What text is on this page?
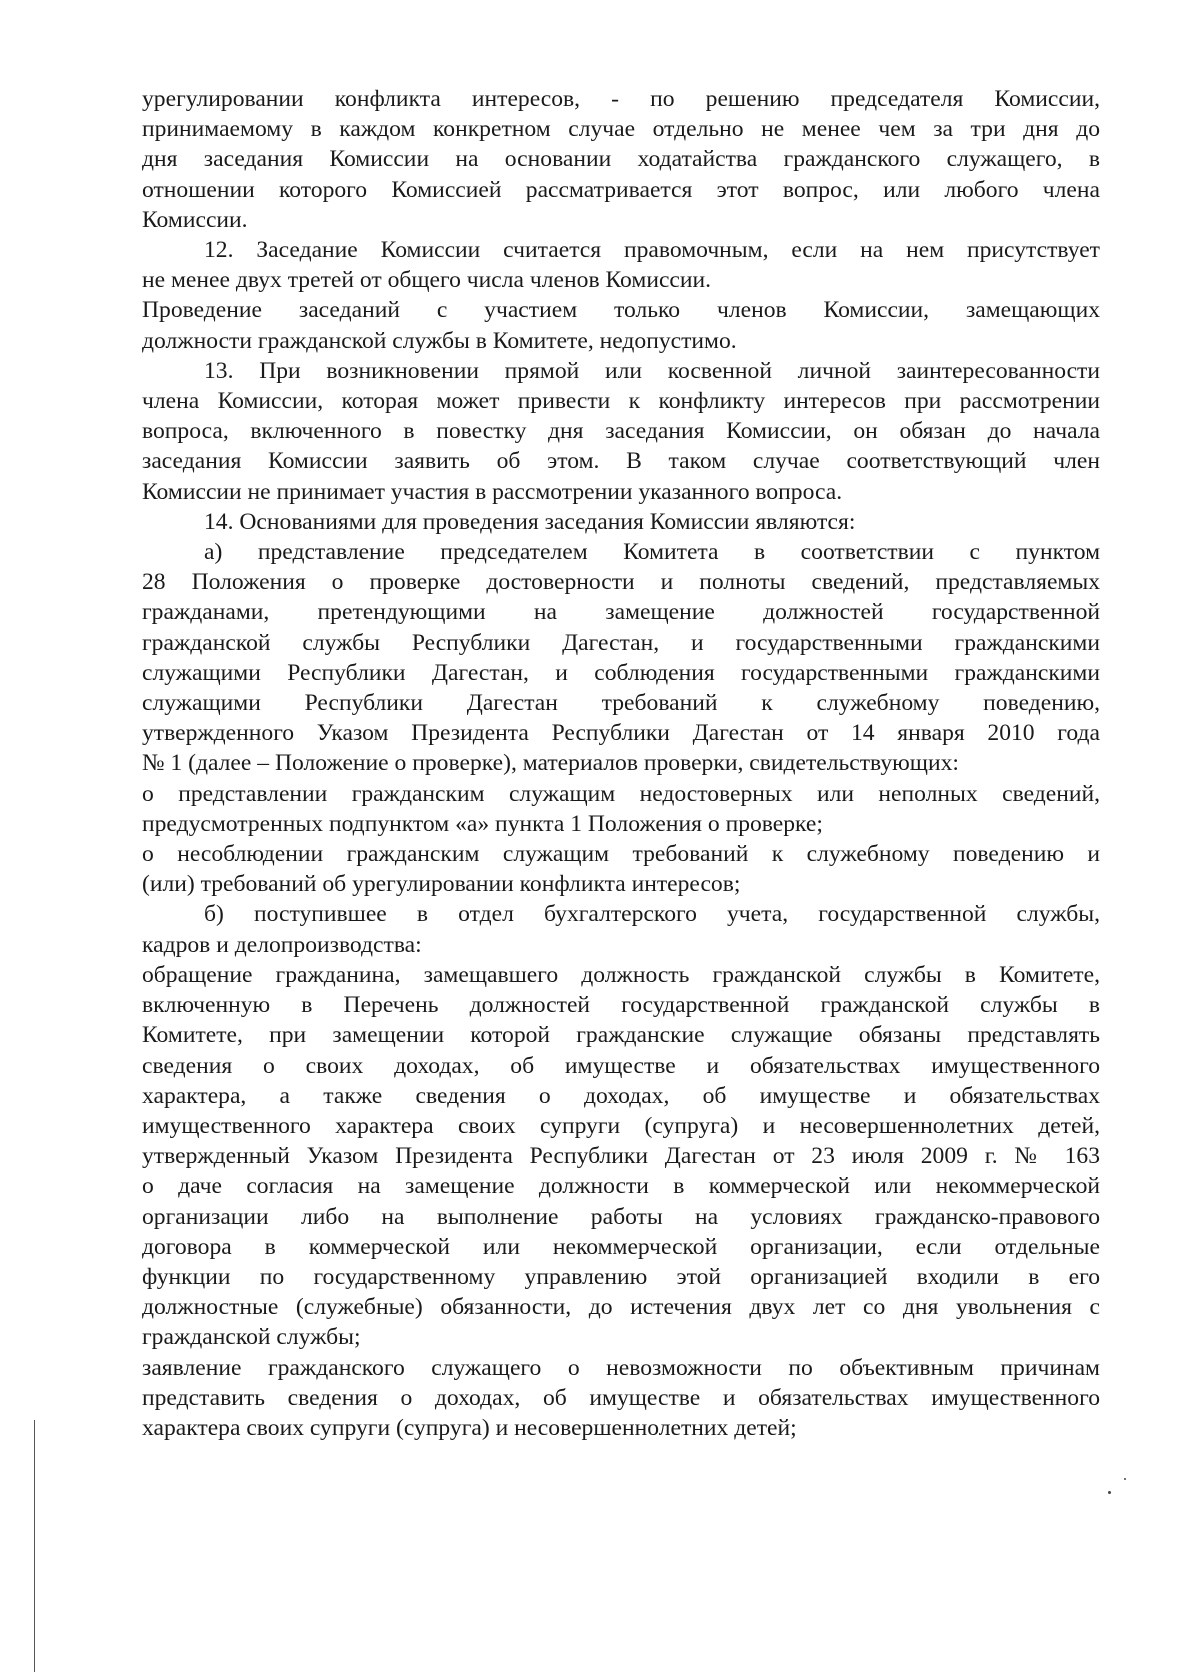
урегулировании конфликта интересов, - по решению председателя Комиссии,
принимаемому в каждом конкретном случае отдельно не менее чем за три дня до
дня заседания Комиссии на основании ходатайства гражданского служащего, в
отношении которого Комиссией рассматривается этот вопрос, или любого члена
Комиссии.
12. Заседание Комиссии считается правомочным, если на нем присутствует
не менее двух третей от общего числа членов Комиссии.
Проведение заседаний с участием только членов Комиссии, замещающих
должности гражданской службы в Комитете, недопустимо.
13. При возникновении прямой или косвенной личной заинтересованности
члена Комиссии, которая может привести к конфликту интересов при рассмотрении
вопроса, включенного в повестку дня заседания Комиссии, он обязан до начала
заседания Комиссии заявить об этом. В таком случае соответствующий член
Комиссии не принимает участия в рассмотрении указанного вопроса.
14. Основаниями для проведения заседания Комиссии являются:
а) представление председателем Комитета в соответствии с пунктом
28 Положения о проверке достоверности и полноты сведений, представляемых
гражданами, претендующими на замещение должностей государственной
гражданской службы Республики Дагестан, и государственными гражданскими
служащими Республики Дагестан, и соблюдения государственными гражданскими
служащими Республики Дагестан требований к служебному поведению,
утвержденного Указом Президента Республики Дагестан от 14 января 2010 года
№ 1 (далее – Положение о проверке), материалов проверки, свидетельствующих:
о представлении гражданским служащим недостоверных или неполных сведений,
предусмотренных подпунктом «а» пункта 1 Положения о проверке;
о несоблюдении гражданским служащим требований к служебному поведению и
(или) требований об урегулировании конфликта интересов;
б) поступившее в отдел бухгалтерского учета, государственной службы,
кадров и делопроизводства:
обращение гражданина, замещавшего должность гражданской службы в Комитете,
включенную в Перечень должностей государственной гражданской службы в
Комитете, при замещении которой гражданские служащие обязаны представлять
сведения о своих доходах, об имуществе и обязательствах имущественного
характера, а также сведения о доходах, об имуществе и обязательствах
имущественного характера своих супруги (супруга) и несовершеннолетних детей,
утвержденный Указом Президента Республики Дагестан от 23 июля 2009 г. № 163
о даче согласия на замещение должности в коммерческой или некоммерческой
организации либо на выполнение работы на условиях гражданско-правового
договора в коммерческой или некоммерческой организации, если отдельные
функции по государственному управлению этой организацией входили в его
должностные (служебные) обязанности, до истечения двух лет со дня увольнения с
гражданской службы;
заявление гражданского служащего о невозможности по объективным причинам
представить сведения о доходах, об имуществе и обязательствах имущественного
характера своих супруги (супруга) и несовершеннолетних детей;
